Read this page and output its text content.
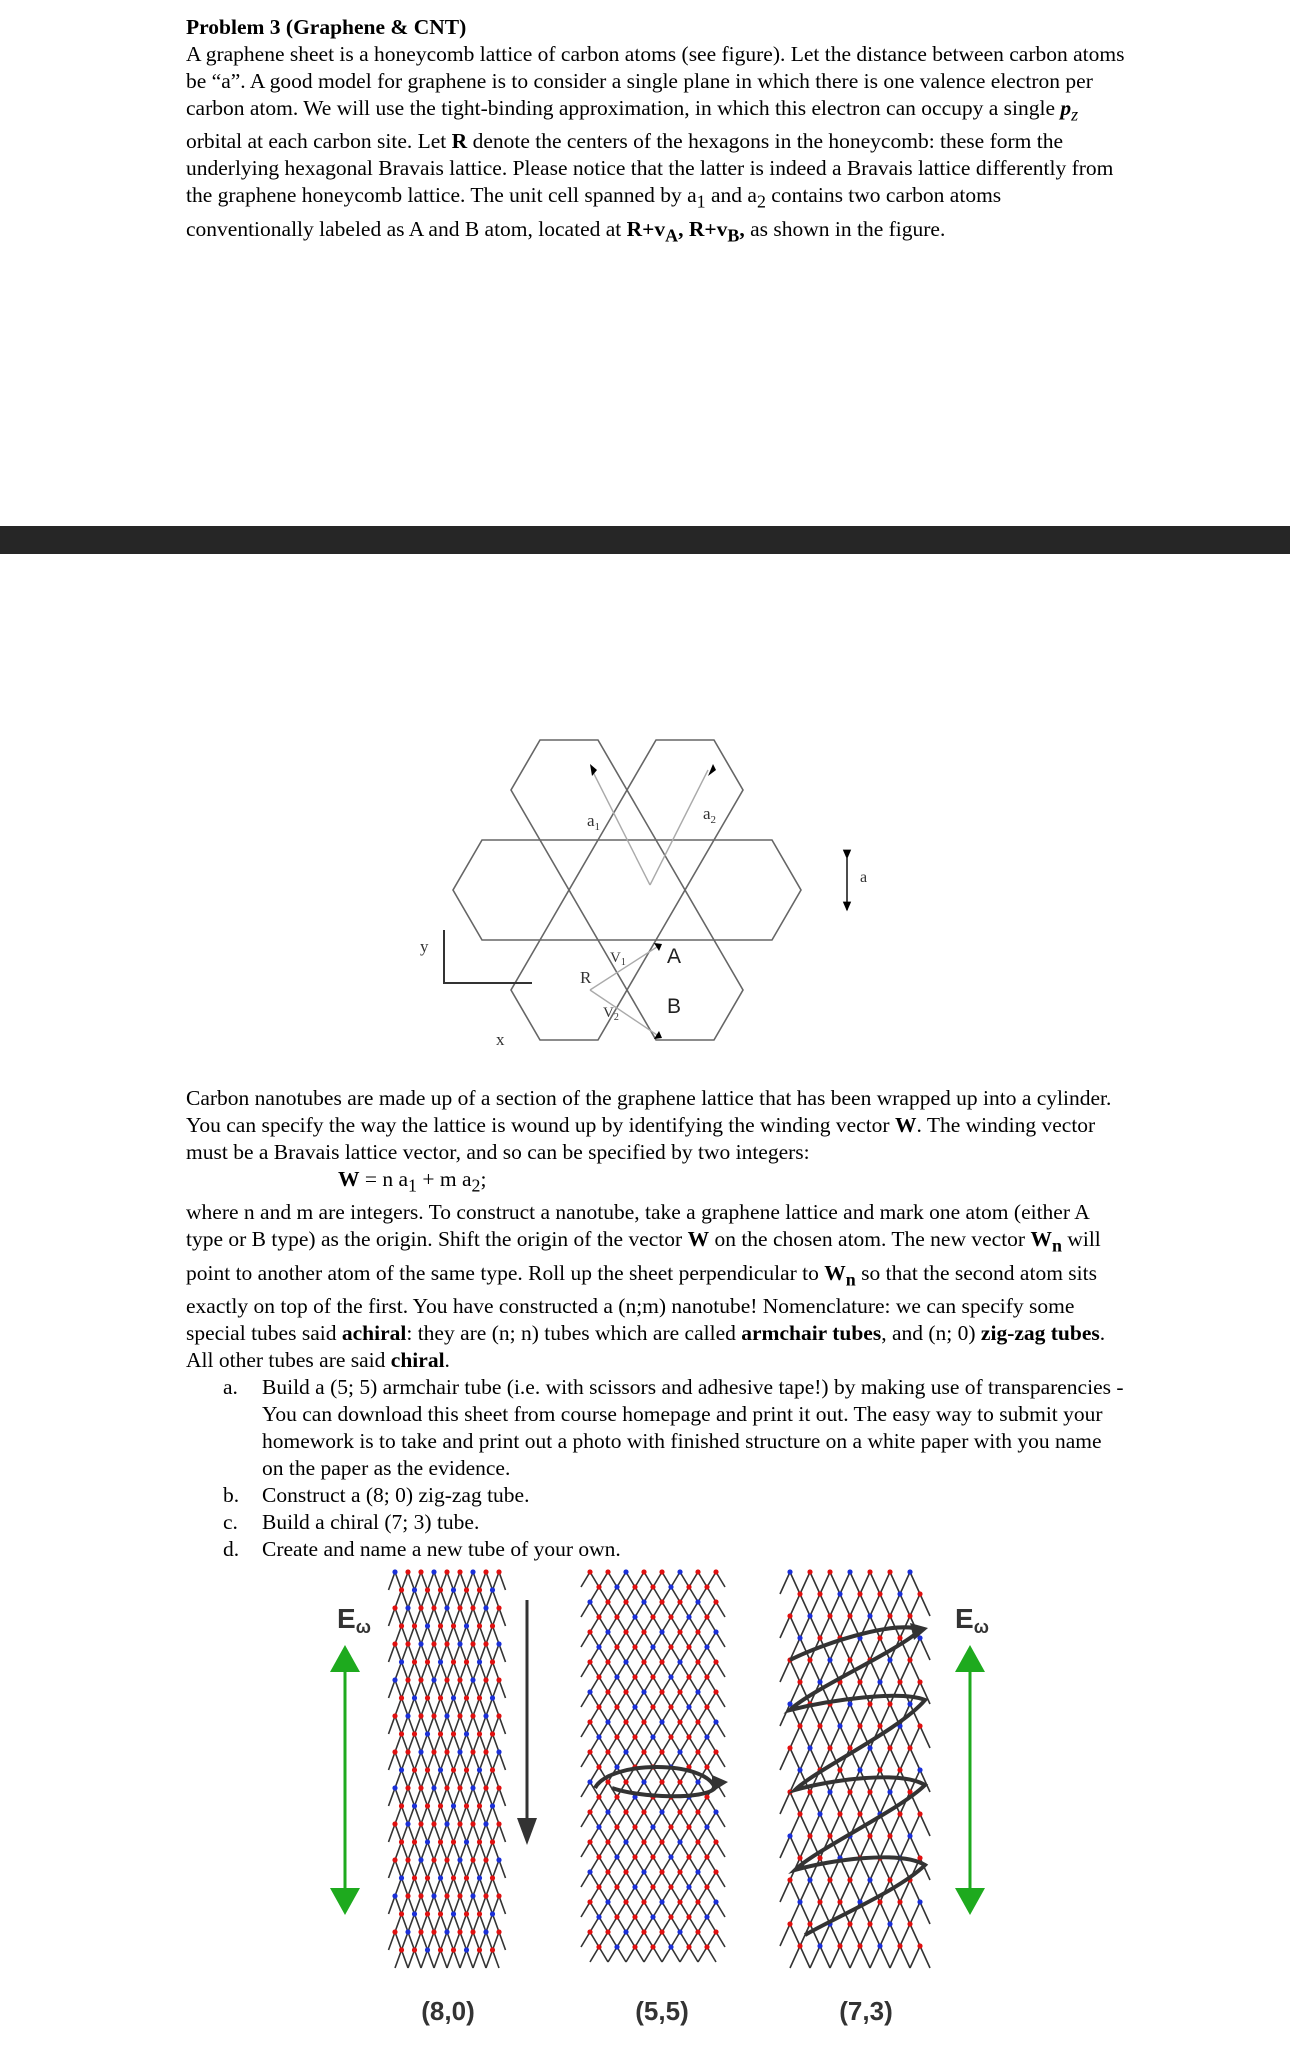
Problem 3 (Graphene & CNT)

A graphene sheet is a honeycomb lattice of carbon atoms (see figure). Let the distance between carbon atoms be “a”. A good model for graphene is to consider a single plane in which there is one valence electron per carbon atom. We will use the tight-binding approximation, in which this electron can occupy a single $p_z$ orbital at each carbon site. Let R denote the centers of the hexagons in the honeycomb: these form the underlying hexagonal Bravais lattice. Please notice that the latter is indeed a Bravais lattice differently from the graphene honeycomb lattice. The unit cell spanned by $a_1$ and $a_2$ contains two carbon atoms conventionally labeled as A and B atom, located at $R+v_A$, $R+v_B$, as shown in the figure.

$a_1$
$a_2$
a
$V_1$
$V_2$
A
B
R
x
y

Carbon nanotubes are made up of a section of the graphene lattice that has been wrapped up into a cylinder. You can specify the way the lattice is wound up by identifying the winding vector W. The winding vector must be a Bravais lattice vector, and so can be specified by two integers:

W = n $a_1 + m$ $a_2$;

where n and m are integers. To construct a nanotube, take a graphene lattice and mark one atom (either A type or B type) as the origin. Shift the origin of the vector W on the chosen atom. The new vector $W_n$ will point to another atom of the same type. Roll up the sheet perpendicular to $W_n$ so that the second atom sits exactly on top of the first. You have constructed a (n;m) nanotube! Nomenclature: we can specify some special tubes said achiral: they are (n; n) tubes which are called armchair tubes, and (n; 0) zig-zag tubes. All other tubes are said chiral.

a. Build a (5; 5) armchair tube (i.e. with scissors and adhesive tape!) by making use of transparencies - You can download this sheet from course homepage and print it out. The easy way to submit your homework is to take and print out a photo with finished structure on a white paper with you name on the paper as the evidence.
b. Construct a (8; 0) zig-zag tube.
c. Build a chiral (7; 3) tube.
d. Create and name a new tube of your own.
Eω	Eω
(8,0)	(5,5)	(7,3)
